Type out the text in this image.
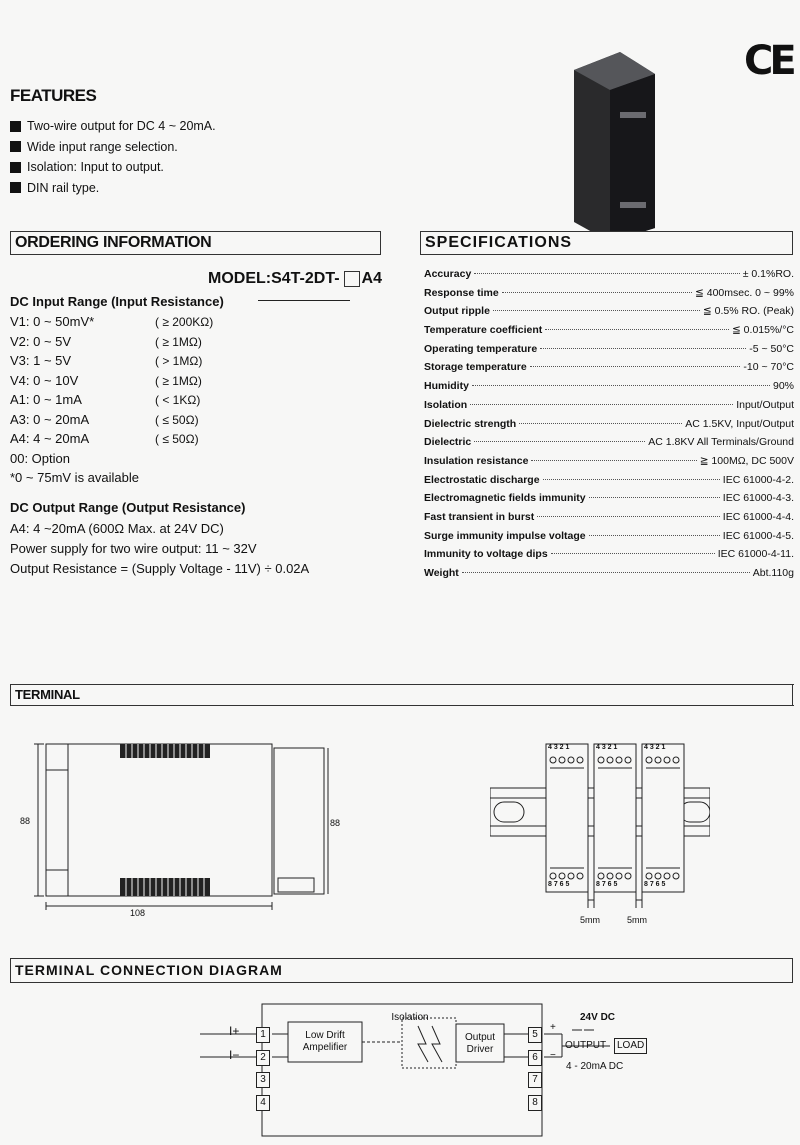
CE
FEATURES
Two-wire output for DC 4 ~ 20mA.
Wide input range selection.
Isolation: Input to output.
DIN rail type.
ORDERING INFORMATION
MODEL:S4T-2DT- A4
DC Input Range (Input Resistance)
V1: 0 ~ 50mV*	( ≥ 200KΩ)
V2: 0 ~ 5V	( ≥ 1MΩ)
V3: 1 ~ 5V	( > 1MΩ)
V4: 0 ~ 10V	( ≥ 1MΩ)
A1: 0 ~ 1mA	( < 1KΩ)
A3: 0 ~ 20mA	( ≤ 50Ω)
A4: 4 ~ 20mA	( ≤ 50Ω)
00: Option
*0 ~ 75mV is available
DC Output Range (Output Resistance)
A4: 4 ~20mA (600Ω Max. at 24V DC)
Power supply for two wire output: 11 ~ 32V
Output Resistance = (Supply Voltage - 11V) ÷ 0.02A
SPECIFICATIONS
Accuracy	± 0.1%RO.
Response time	≦ 400msec. 0 ~ 99%
Output ripple	≦ 0.5% RO. (Peak)
Temperature coefficient	≦ 0.015%/°C
Operating temperature	-5 ~ 50°C
Storage temperature	-10 ~ 70°C
Humidity	90%
Isolation	Input/Output
Dielectric strength	AC 1.5KV, Input/Output
Dielectric	AC 1.8KV All Terminals/Ground
Insulation resistance	≧ 100MΩ, DC 500V
Electrostatic discharge	IEC 61000-4-2.
Electromagnetic fields immunity	IEC 61000-4-3.
Fast transient in burst	IEC 61000-4-4.
Surge immunity impulse voltage	IEC 61000-4-5.
Immunity to voltage dips	IEC 61000-4-11.
Weight	Abt.110g
TERMINAL
88	88
108
4 3 2 1	4 3 2 1	4 3 2 1
8 7 6 5	8 7 6 5	8 7 6 5
5mm	5mm
TERMINAL CONNECTION DIAGRAM
I+
I−
1
2
3
4
5
6
7
8
Low Drift
Ampelifier
Isolation
Output
Driver
24V DC
+
−
OUTPUT	LOAD
4 - 20mA DC
